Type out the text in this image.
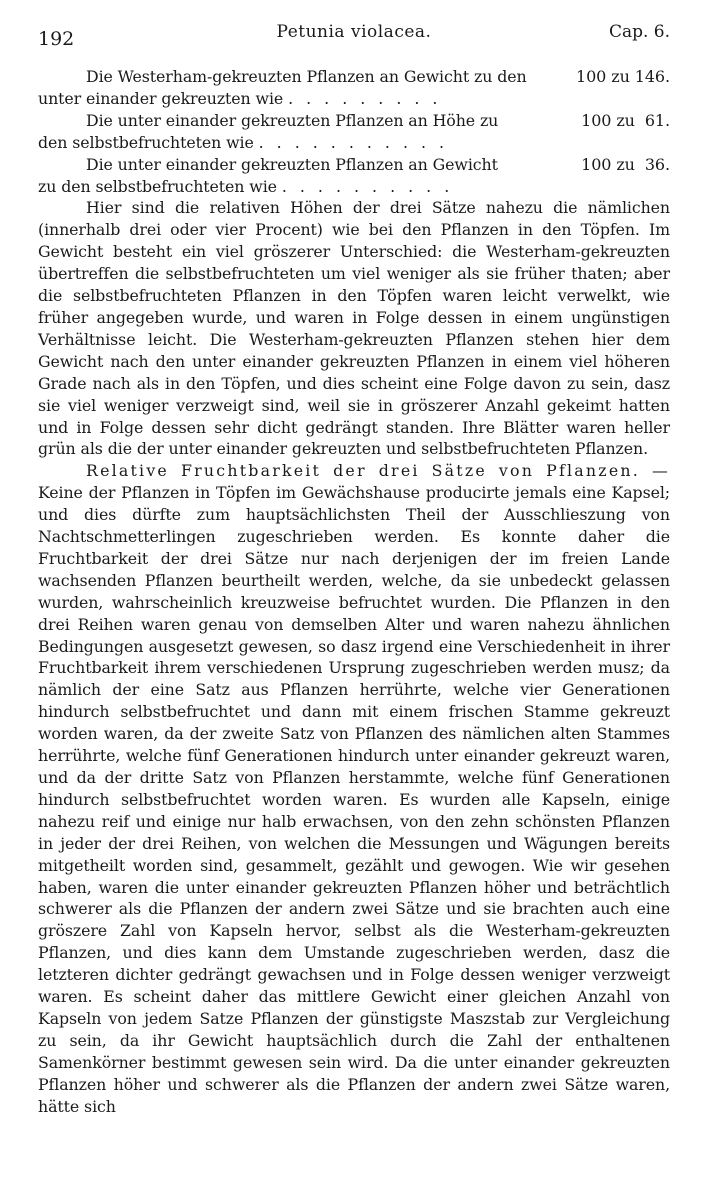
192	Petunia violacea.	Cap. 6.
Die Westerham-gekreuzten Pflanzen an Gewicht zu den
unter einander gekreuzten wie . . . . . . . . .
100 zu 146.
Die unter einander gekreuzten Pflanzen an Höhe zu
den selbstbefruchteten wie . . . . . . . . . . .
100 zu  61.
Die unter einander gekreuzten Pflanzen an Gewicht
zu den selbstbefruchteten wie . . . . . . . . . .
100 zu  36.

Hier sind die relativen Höhen der drei Sätze nahezu die nämlichen (innerhalb drei oder vier Procent) wie bei den Pflanzen in den Töpfen. Im Gewicht besteht ein viel gröszerer Unterschied: die Westerham-gekreuzten übertreffen die selbstbefruchteten um viel weniger als sie früher thaten; aber die selbstbefruchteten Pflanzen in den Töpfen waren leicht verwelkt, wie früher angegeben wurde, und waren in Folge dessen in einem ungünstigen Verhältnisse leicht. Die Westerham-gekreuzten Pflanzen stehen hier dem Gewicht nach den unter einander gekreuzten Pflanzen in einem viel höheren Grade nach als in den Töpfen, und dies scheint eine Folge davon zu sein, dasz sie viel weniger verzweigt sind, weil sie in gröszerer Anzahl gekeimt hatten und in Folge dessen sehr dicht gedrängt standen. Ihre Blätter waren heller grün als die der unter einander gekreuzten und selbstbefruchteten Pflanzen.

Relative Fruchtbarkeit der drei Sätze von Pflanzen. — Keine der Pflanzen in Töpfen im Gewächshause producirte jemals eine Kapsel; und dies dürfte zum hauptsächlichsten Theil der Ausschlieszung von Nachtschmetterlingen zugeschrieben werden. Es konnte daher die Fruchtbarkeit der drei Sätze nur nach derjenigen der im freien Lande wachsenden Pflanzen beurtheilt werden, welche, da sie unbedeckt gelassen wurden, wahrscheinlich kreuzweise befruchtet wurden. Die Pflanzen in den drei Reihen waren genau von demselben Alter und waren nahezu ähnlichen Bedingungen ausgesetzt gewesen, so dasz irgend eine Verschiedenheit in ihrer Fruchtbarkeit ihrem verschiedenen Ursprung zugeschrieben werden musz; da nämlich der eine Satz aus Pflanzen herrührte, welche vier Generationen hindurch selbstbefruchtet und dann mit einem frischen Stamme gekreuzt worden waren, da der zweite Satz von Pflanzen des nämlichen alten Stammes herrührte, welche fünf Generationen hindurch unter einander gekreuzt waren, und da der dritte Satz von Pflanzen herstammte, welche fünf Generationen hindurch selbstbefruchtet worden waren. Es wurden alle Kapseln, einige nahezu reif und einige nur halb erwachsen, von den zehn schönsten Pflanzen in jeder der drei Reihen, von welchen die Messungen und Wägungen bereits mitgetheilt worden sind, gesammelt, gezählt und gewogen. Wie wir gesehen haben, waren die unter einander gekreuzten Pflanzen höher und beträchtlich schwerer als die Pflanzen der andern zwei Sätze und sie brachten auch eine gröszere Zahl von Kapseln hervor, selbst als die Westerham-gekreuzten Pflanzen, und dies kann dem Umstande zugeschrieben werden, dasz die letzteren dichter gedrängt gewachsen und in Folge dessen weniger verzweigt waren. Es scheint daher das mittlere Gewicht einer gleichen Anzahl von Kapseln von jedem Satze Pflanzen der günstigste Maszstab zur Vergleichung zu sein, da ihr Gewicht hauptsächlich durch die Zahl der enthaltenen Samenkörner bestimmt gewesen sein wird. Da die unter einander gekreuzten Pflanzen höher und schwerer als die Pflanzen der andern zwei Sätze waren, hätte sich
